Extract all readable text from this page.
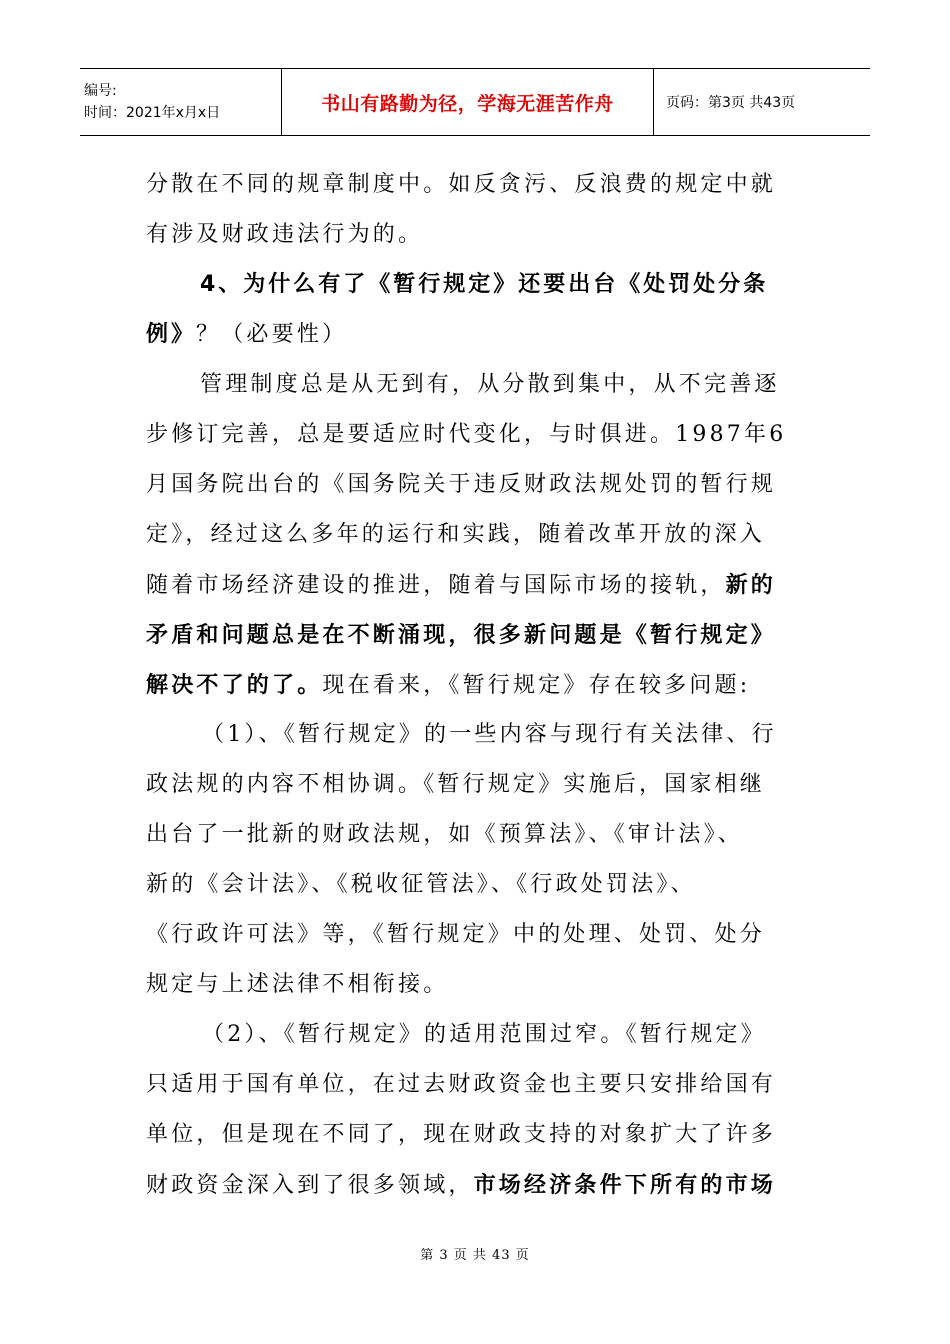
编号:
时间：2021年x月x日	书山有路勤为径，学海无涯苦作舟	页码：第3页 共43页
分散在不同的规章制度中。如反贪污、反浪费的规定中就
有涉及财政违法行为的。
4、为什么有了《暂行规定》还要出台《处罚处分条
例》？（必要性）
管理制度总是从无到有，从分散到集中，从不完善逐
步修订完善，总是要适应时代变化，与时俱进。1987年6
月国务院出台的《国务院关于违反财政法规处罚的暂行规
定》，经过这么多年的运行和实践，随着改革开放的深入
随着市场经济建设的推进，随着与国际市场的接轨，新的
矛盾和问题总是在不断涌现，很多新问题是《暂行规定》
解决不了的了。现在看来，《暂行规定》存在较多问题:
（1）、《暂行规定》的一些内容与现行有关法律、行
政法规的内容不相协调。《暂行规定》实施后，国家相继
出台了一批新的财政法规，如《预算法》、《审计法》、
新的《会计法》、《税收征管法》、《行政处罚法》、
《行政许可法》等，《暂行规定》中的处理、处罚、处分
规定与上述法律不相衔接。
（2）、《暂行规定》的适用范围过窄。《暂行规定》
只适用于国有单位，在过去财政资金也主要只安排给国有
单位，但是现在不同了，现在财政支持的对象扩大了许多
财政资金深入到了很多领域，市场经济条件下所有的市场
第 3 页 共 43 页
